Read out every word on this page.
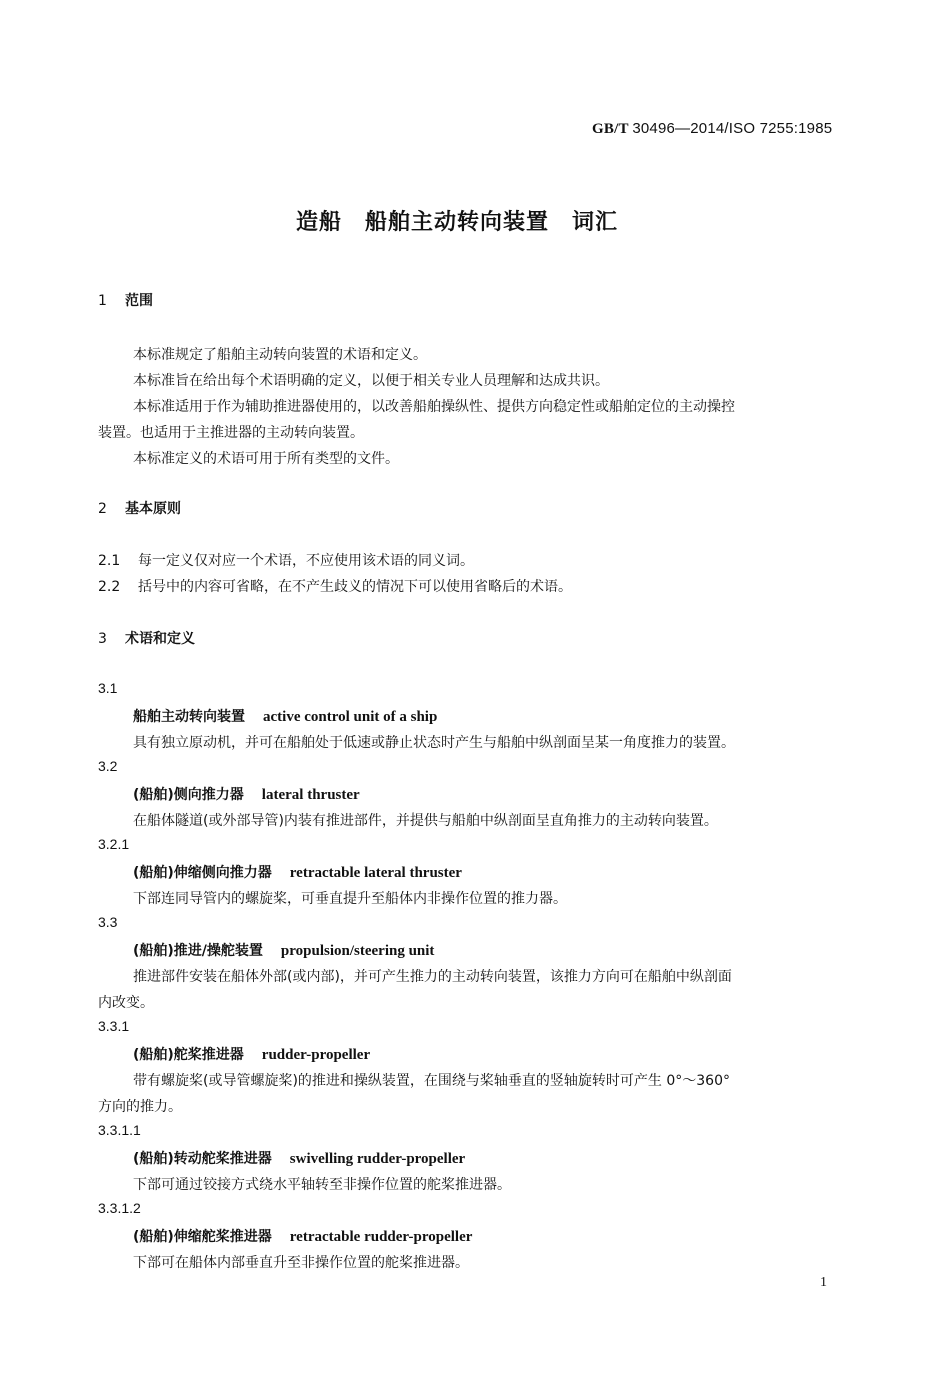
GB/T 30496—2014/ISO 7255:1985
造船　船舶主动转向装置　词汇
1 范围
本标准规定了船舶主动转向装置的术语和定义。
本标准旨在给出每个术语明确的定义，以便于相关专业人员理解和达成共识。
本标准适用于作为辅助推进器使用的，以改善船舶操纵性、提供方向稳定性或船舶定位的主动操控
装置。也适用于主推进器的主动转向装置。
本标准定义的术语可用于所有类型的文件。
2 基本原则
2.1 每一定义仅对应一个术语，不应使用该术语的同义词。
2.2 括号中的内容可省略，在不产生歧义的情况下可以使用省略后的术语。
3 术语和定义
3.1
船舶主动转向装置 active control unit of a ship
具有独立原动机，并可在船舶处于低速或静止状态时产生与船舶中纵剖面呈某一角度推力的装置。
3.2
(船舶)侧向推力器 lateral thruster
在船体隧道(或外部导管)内装有推进部件，并提供与船舶中纵剖面呈直角推力的主动转向装置。
3.2.1
(船舶)伸缩侧向推力器 retractable lateral thruster
下部连同导管内的螺旋桨，可垂直提升至船体内非操作位置的推力器。
3.3
(船舶)推进/操舵装置 propulsion/steering unit
推进部件安装在船体外部(或内部)，并可产生推力的主动转向装置，该推力方向可在船舶中纵剖面
内改变。
3.3.1
(船舶)舵桨推进器 rudder-propeller
带有螺旋桨(或导管螺旋桨)的推进和操纵装置，在围绕与桨轴垂直的竖轴旋转时可产生 0°～360°
方向的推力。
3.3.1.1
(船舶)转动舵桨推进器 swivelling rudder-propeller
下部可通过铰接方式绕水平轴转至非操作位置的舵桨推进器。
3.3.1.2
(船舶)伸缩舵桨推进器 retractable rudder-propeller
下部可在船体内部垂直升至非操作位置的舵桨推进器。
1
